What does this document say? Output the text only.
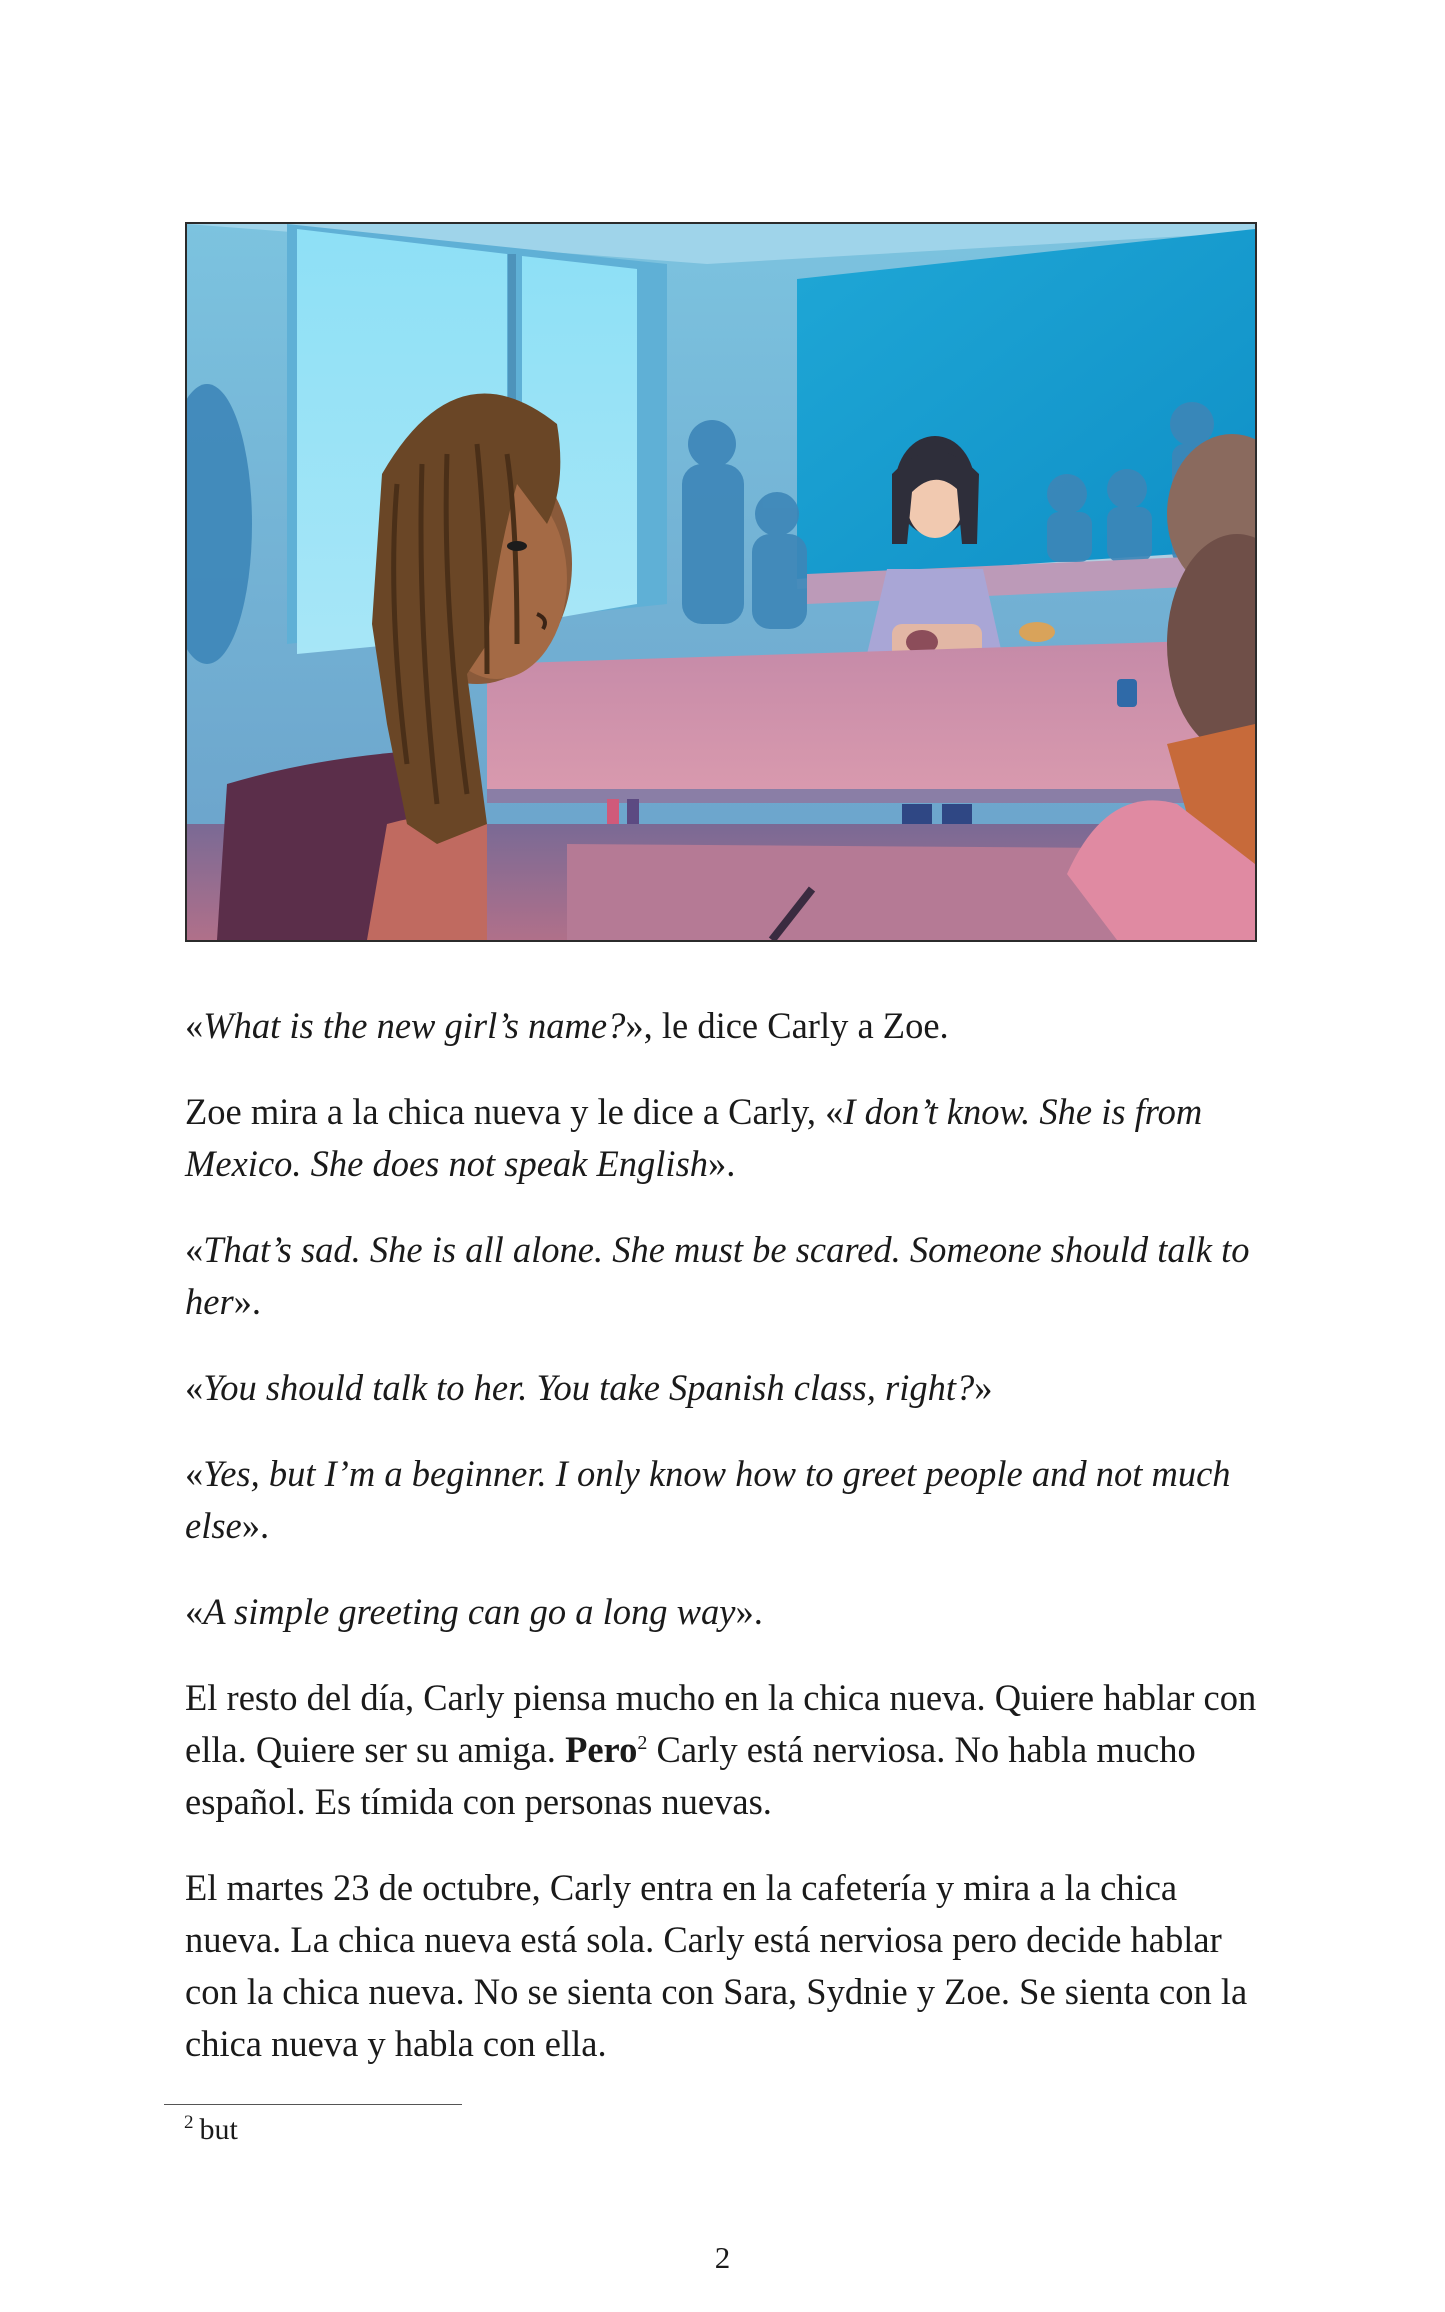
«What is the new girl’s name?», le dice Carly a Zoe.

Zoe mira a la chica nueva y le dice a Carly, «I don’t know. She is from Mexico. She does not speak English».

«That’s sad. She is all alone. She must be scared. Someone should talk to her».

«You should talk to her. You take Spanish class, right?»

«Yes, but I’m a beginner. I only know how to greet people and not much else».

«A simple greeting can go a long way».

El resto del día, Carly piensa mucho en la chica nueva. Quiere hablar con ella. Quiere ser su amiga. Pero$^2$ Carly está nerviosa. No habla mucho español. Es tímida con personas nuevas.

El martes 23 de octubre, Carly entra en la cafetería y mira a la chica nueva. La chica nueva está sola. Carly está nerviosa pero decide hablar con la chica nueva. No se sienta con Sara, Sydnie y Zoe. Se sienta con la chica nueva y habla con ella.

$^2$ but
2
